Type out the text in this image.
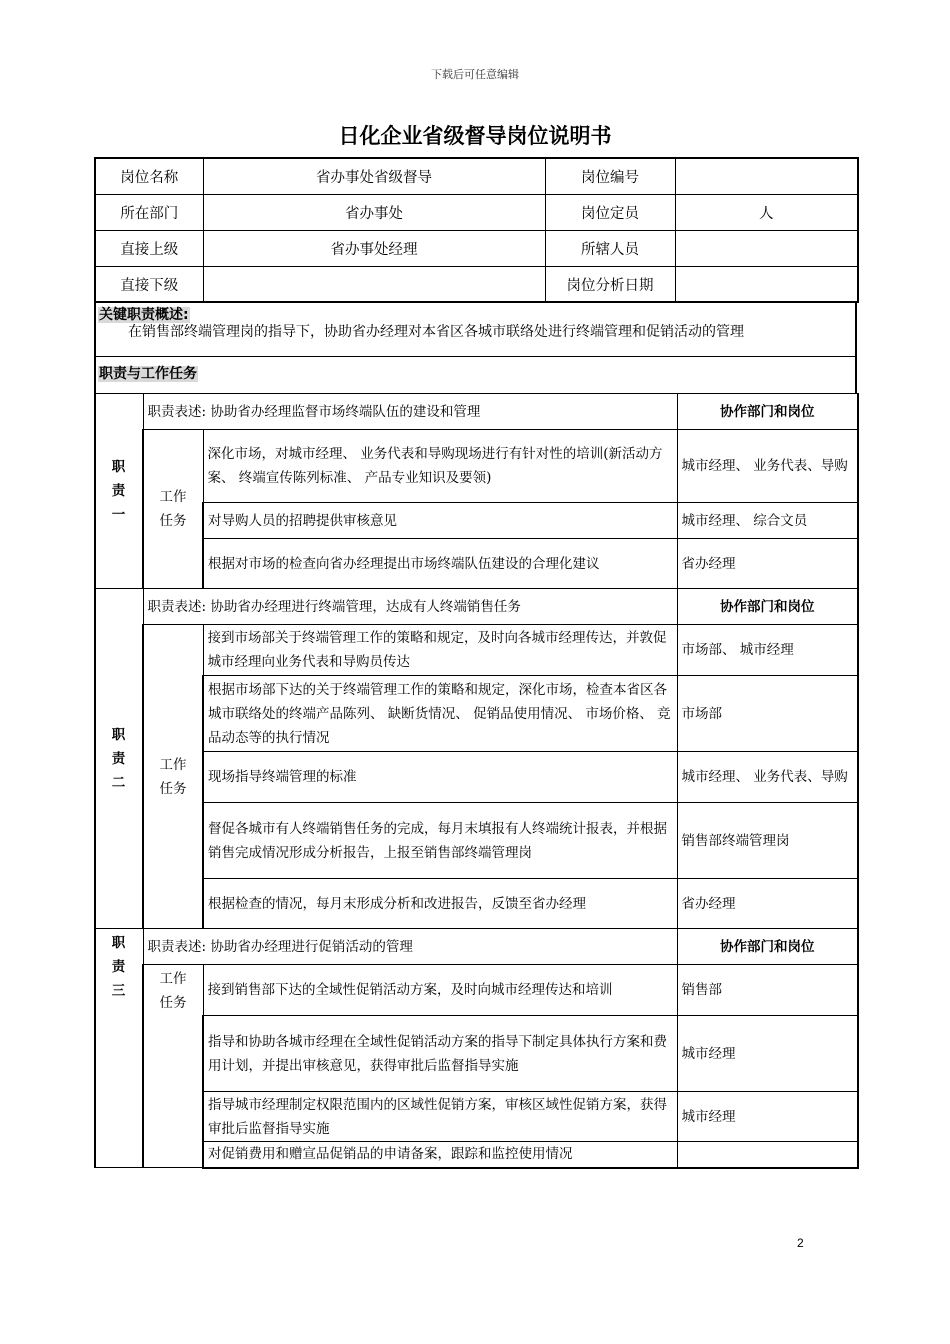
下载后可任意编辑
日化企业省级督导岗位说明书
岗位名称	省办事处省级督导	岗位编号	
所在部门	省办事处	岗位定员	人
直接上级	省办事处经理	所辖人员	
直接下级		岗位分析日期	
关键职责概述:
在销售部终端管理岗的指导下，协助省办经理对本省区各城市联络处进行终端管理和促销活动的管理
职责与工作任务
职
责
一	职责表述: 协助省办经理监督市场终端队伍的建设和管理		协作部门和岗位
	工作
任务	深化市场，对城市经理、 业务代表和导购现场进行有针对性的培训(新活动方案、 终端宣传陈列标准、 产品专业知识及要领)	城市经理、 业务代表、导购
		对导购人员的招聘提供审核意见	城市经理、 综合文员
		根据对市场的检查向省办经理提出市场终端队伍建设的合理化建议	省办经理
职
责
二	职责表述: 协助省办经理进行终端管理，达成有人终端销售任务		协作部门和岗位
	工作
任务	接到市场部关于终端管理工作的策略和规定，及时向各城市经理传达，并敦促城市经理向业务代表和导购员传达	市场部、 城市经理
		根据市场部下达的关于终端管理工作的策略和规定，深化市场，检查本省区各城市联络处的终端产品陈列、 缺断货情况、 促销品使用情况、 市场价格、 竞品动态等的执行情况	市场部
		现场指导终端管理的标准	城市经理、 业务代表、导购
		督促各城市有人终端销售任务的完成，每月末填报有人终端统计报表，并根据销售完成情况形成分析报告，上报至销售部终端管理岗	销售部终端管理岗
		根据检查的情况，每月末形成分析和改进报告，反馈至省办经理	省办经理
职
责
三	职责表述: 协助省办经理进行促销活动的管理		协作部门和岗位
	工作
任务	接到销售部下达的全域性促销活动方案，及时向城市经理传达和培训	销售部
		指导和协助各城市经理在全域性促销活动方案的指导下制定具体执行方案和费用计划，并提出审核意见，获得审批后监督指导实施	城市经理
		指导城市经理制定权限范围内的区域性促销方案，审核区域性促销方案，获得审批后监督指导实施	城市经理
		对促销费用和赠宣品促销品的申请备案，跟踪和监控使用情况	
2
